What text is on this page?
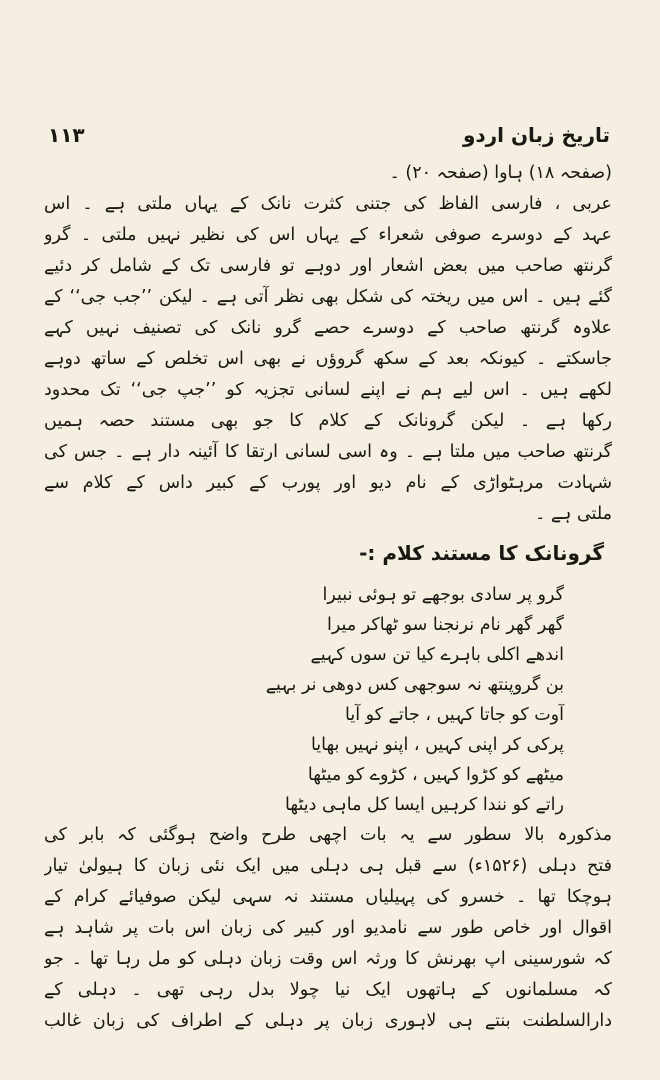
۱۱۳	تاریخ زبان اردو
(صفحہ ۱۸) ہاوا (صفحہ ۲۰) ۔
عربی ، فارسی الفاظ کی جتنی کثرت نانک کے یہاں ملتی ہے ۔ اس
عہد کے دوسرے صوفی شعراء کے یہاں اس کی نظیر نہیں ملتی ۔ گرو
گرنتھ صاحب میں بعض اشعار اور دوہے تو فارسی تک کے شامل کر دئیے
گئے ہیں ۔ اس میں ریختہ کی شکل بھی نظر آتی ہے ۔ لیکن ’’جب جی‘‘ کے
علاوہ گرنتھ صاحب کے دوسرے حصے گرو نانک کی تصنیف نہیں کہے
جاسکتے ۔ کیونکہ بعد کے سکھ گروؤں نے بھی اس تخلص کے ساتھ دوہے
لکھے ہیں ۔ اس لیے ہم نے اپنے لسانی تجزیہ کو ’’جپ جی‘‘ تک محدود
رکھا ہے ۔ لیکن گرونانک کے کلام کا جو بھی مستند حصہ ہمیں
گرنتھ صاحب میں ملتا ہے ۔ وہ اسی لسانی ارتقا کا آئینہ دار ہے ۔ جس کی
شہادت مرہٹواڑی کے نام دیو اور پورب کے کبیر داس کے کلام سے
ملتی ہے ۔
گرونانک کا مستند کلام :-
گرو پر سادی بوجھے تو ہوئی نبیرا
گھر گھر نام نرنجنا سو ٹھاکر میرا
اندھے اکلی باہرے کیا تن سوں کہیے
بن گروپنتھ نہ سوجھی کس دوھی نر بہیے
آوت کو جاتا کہیں ، جاتے کو آیا
پرکی کر اپنی کہیں ، اپنو نہیں بھایا
میٹھے کو کڑوا کہیں ، کڑوے کو میٹھا
راتے کو نندا کرہیں ایسا کل ماہی دیٹھا
مذکورہ بالا سطور سے یہ بات اچھی طرح واضح ہوگئی کہ بابر کی
فتح دہلی (۱۵۲۶ء) سے قبل ہی دہلی میں ایک نئی زبان کا ہیولیٰ تیار
ہوچکا تھا ۔ خسرو کی پہیلیاں مستند نہ سہی لیکن صوفیائے کرام کے
اقوال اور خاص طور سے نامدیو اور کبیر کی زبان اس بات پر شاہد ہے
کہ شورسینی اپ بھرنش کا ورثہ اس وقت زبان دہلی کو مل رہا تھا ۔ جو
کہ مسلمانوں کے ہاتھوں ایک نیا چولا بدل رہی تھی ۔ دہلی کے
دارالسلطنت بنتے ہی لاہوری زبان پر دہلی کے اطراف کی زبان غالب
